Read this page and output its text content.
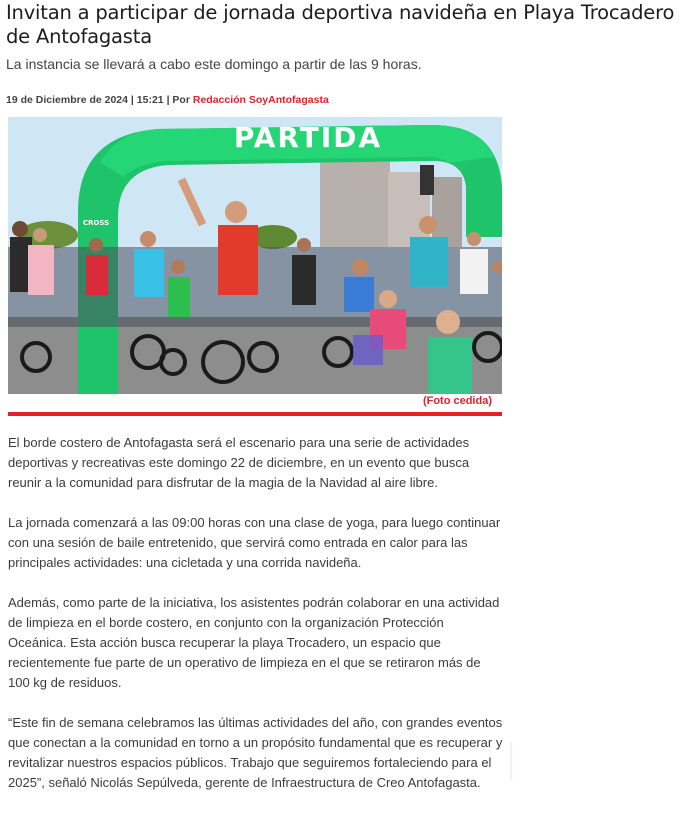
Invitan a participar de jornada deportiva navideña en Playa Trocadero de Antofagasta

La instancia se llevará a cabo este domingo a partir de las 9 horas.

19 de Diciembre de 2024 | 15:21 | Por Redacción SoyAntofagasta
PARTIDA
CROSS
(Foto cedida)

El borde costero de Antofagasta será el escenario para una serie de actividades deportivas y recreativas este domingo 22 de diciembre, en un evento que busca reunir a la comunidad para disfrutar de la magia de la Navidad al aire libre.

La jornada comenzará a las 09:00 horas con una clase de yoga, para luego continuar con una sesión de baile entretenido, que servirá como entrada en calor para las principales actividades: una cicletada y una corrida navideña.

Además, como parte de la iniciativa, los asistentes podrán colaborar en una actividad de limpieza en el borde costero, en conjunto con la organización Protección Oceánica. Esta acción busca recuperar la playa Trocadero, un espacio que recientemente fue parte de un operativo de limpieza en el que se retiraron más de 100 kg de residuos.

“Este fin de semana celebramos las últimas actividades del año, con grandes eventos que conectan a la comunidad en torno a un propósito fundamental que es recuperar y revitalizar nuestros espacios públicos. Trabajo que seguiremos fortaleciendo para el 2025”, señaló Nicolás Sepúlveda, gerente de Infraestructura de Creo Antofagasta.
